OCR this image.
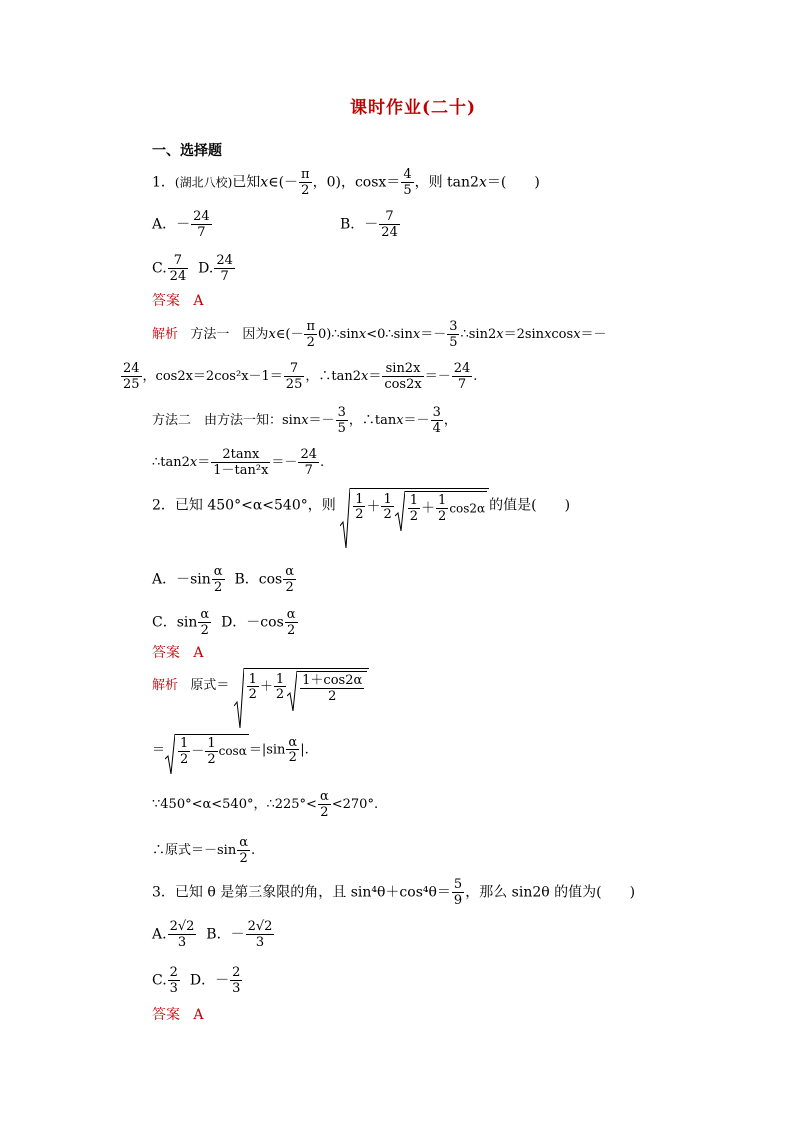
课时作业(二十)
一、选择题
1．(湖北八校)已知x∈(－ $\frac{\pi}{2}$ ，0)，$\cos x= \frac{4}{5}$ ，则 tan2x＝(　　)
A．－ $\frac{24}{7}$	B．－ $\frac{7}{24}$
C. $\frac{7}{24} D$. $\frac{24}{7}$
答案 A
解析 方法一　因为x∈(－ $\frac{\pi}{2}$ 0)∴sinx<0∴sinx＝－ $\frac{3}{5}$ ∴sin2x＝2sinxcosx＝－
$\frac{24}{25}$ ，$\cos 2x=2\cos^2x-1= \frac{7}{25}$ ，∴tan2x＝ $\frac{\sin 2x}{\cos 2x} =- \frac{24}{7}$ .
方法二　由方法一知：$\sin x=- \frac{3}{5}$ ，∴tanx＝－ $\frac{3}{4}$ ，
∴tan2x＝ $\frac{2\tan x}{\text{1－tan²x}} =- \frac{24}{7}$ .
2．已知 450°<α<540°，则 $\frac{1}{2} + \frac{1}{2} \frac{1}{2} + \frac{1}{2} \cos 2\alpha$ 的值是(　　)
A．$-\sin \frac{\alpha}{2}$ B．$\cos \frac{\alpha}{2}$
C．$\sin \frac{\alpha}{2}$ D．$-\cos \frac{\alpha}{2}$
答案 A
解析 原式＝ $\frac{1}{2} + \frac{1}{2} \frac{1+\cos 2\alpha}{2}$
＝ $\frac{1}{2} - \frac{1}{2}$ $\cos\alpha =|\sin \frac{\alpha}{2}$ |.
∵450°<α<540°，∴225°< $\frac{\alpha}{2} <270^\circ$.
∴原式$=-\sin \frac{\alpha}{2}$ .
3．已知 θ 是第三象限的角，且 $\sin^4\theta+\cos^4\theta= \frac{5}{9}$ ，那么 sin2θ 的值为(　　)
A. $\frac{2√2}{3}$ B．－ $\frac{2√2}{3}$
C. $\frac{2}{3}$ D．－ $\frac{2}{3}$
答案 A
